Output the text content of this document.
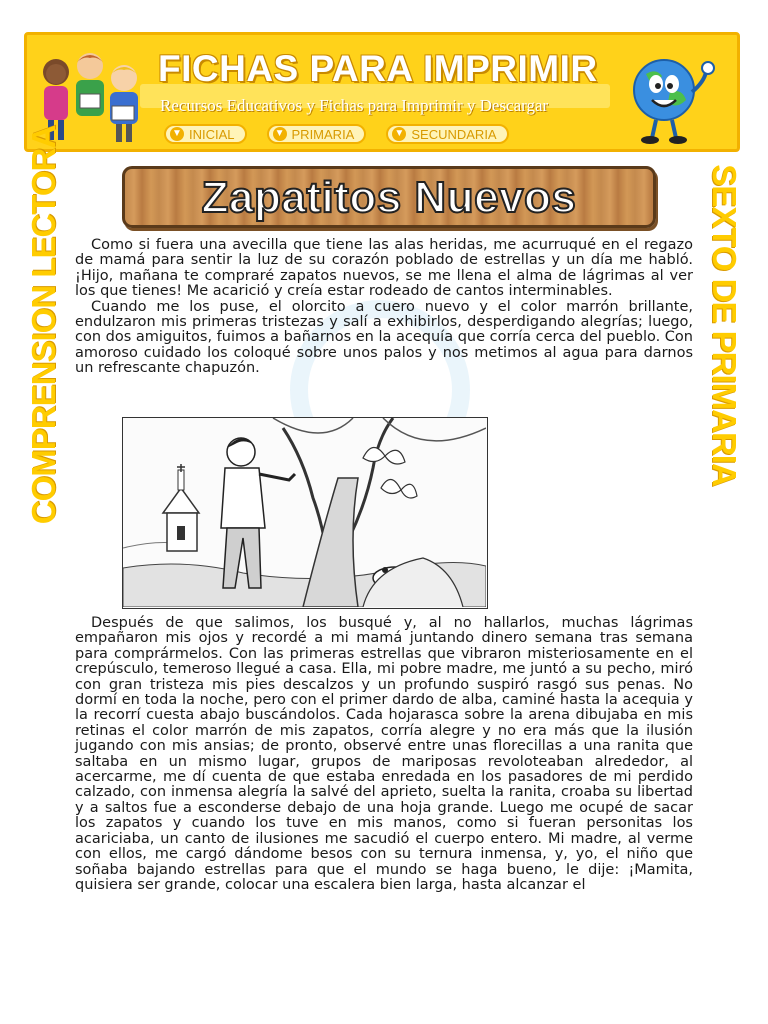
FICHAS PARA IMPRIMIR

Recursos Educativos y Fichas para Imprimir y Descargar

▼ INICIAL	▼ PRIMARIA	▼ SECUNDARIA

COMPRENSION LECTORA	SEXTO DE PRIMARIA

Zapatitos Nuevos

Como si fuera una avecilla que tiene las alas heridas, me acurruqué en el regazo de mamá para sentir la luz de su corazón poblado de estrellas y un día me habló. ¡Hijo, mañana te compraré zapatos nuevos, se me llena el alma de lágrimas al ver los que tienes! Me acarició y creía estar rodeado de cantos interminables.

Cuando me los puse, el olorcito a cuero nuevo y el color marrón brillante, endulzaron mis primeras tristezas y salí a exhibirlos, desperdigando alegrías; luego, con dos amiguitos, fuimos a bañarnos en la acequía que corría cerca del pueblo. Con amoroso cuidado los coloqué sobre unos palos y nos metimos al agua para darnos un refrescante chapuzón.

Después de que salimos, los busqué y, al no hallarlos, muchas lágrimas empañaron mis ojos y recordé a mi mamá juntando dinero semana tras semana para comprármelos. Con las primeras estrellas que vibraron misteriosamente en el crepúsculo, temeroso llegué a casa. Ella, mi pobre madre, me juntó a su pecho, miró con gran tristeza mis pies descalzos y un profundo suspiró rasgó sus penas. No dormí en toda la noche, pero con el primer dardo de alba, caminé hasta la acequia y la recorrí cuesta abajo buscándolos. Cada hojarasca sobre la arena dibujaba en mis retinas el color marrón de mis zapatos, corría alegre y no era más que la ilusión jugando con mis ansias; de pronto, observé entre unas florecillas a una ranita que saltaba en un mismo lugar, grupos de mariposas revoloteaban alrededor, al acercarme, me dí cuenta de que estaba enredada en los pasadores de mi perdido calzado, con inmensa alegría la salvé del aprieto, suelta la ranita, croaba su libertad y a saltos fue a esconderse debajo de una hoja grande. Luego me ocupé de sacar los zapatos y cuando los tuve en mis manos, como si fueran personitas los acariciaba, un canto de ilusiones me sacudió el cuerpo entero. Mi madre, al verme con ellos, me cargó dándome besos con su ternura inmensa, y, yo, el niño que soñaba bajando estrellas para que el mundo se haga bueno, le dije: ¡Mamita, quisiera ser grande, colocar una escalera bien larga, hasta alcanzar el
